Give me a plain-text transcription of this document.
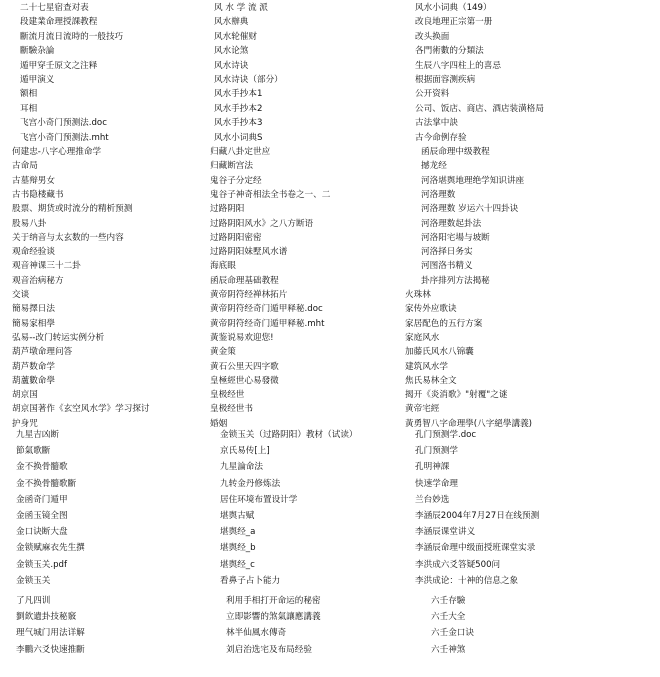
二十七星宿查对表
段建業命理授課教程
斷流月流日流時的一般技巧
斷驗杂論
遁甲穿壬原文之注释
遁甲演义
额相
耳相
飞宫小奇门预测法.doc
飞宫小奇门预测法.mht
何建忠-八字心理推命学
古命局
古墓辩男女
古书隐楼藏书
股票、期货或时流分的精析预测
股易八卦
关于纳音与太玄数的一些内容
观命经验谈
观音神课三十二卦
观音治病秘方
交谈
簡易擇日法
簡易家相學
弘易--改门转运实例分析
葫芦墩命理问答
葫芦数命学
葫蘆數命學
胡京国
胡京国著作《玄空风水学》学习探讨
护身咒
九星吉凶断
節氣歌斷
金不换骨髓歌
金不换骨髓歌斷
金函奇门遁甲
金函玉镜全图
金口诀断大盘
金锁赋麻衣先生撰
金锁玉关.pdf
金锁玉关
了凡四训
劉欽遺卦技秘竅
理气城门用法详解
李鵬六爻快速推斷
风 水 学 流 派
风水辦典
风水轮催财
风水论煞
风水诗诀
风水诗诀（部分）
风水手抄本1
风水手抄本2
风水手抄本3
风水小词典S
归藏八卦定世应
归藏断宫法
鬼谷子分定经
鬼谷子神奇相法全书卷之一、二
过路阴阳
过路阴阳风水》之八方断语
过路阴阳密密
过路阴阳妹墅风水谱
海底眼
函辰命理基础教程
黄帝阴符经禅林拓片
黄帝阴符经奇门遁甲释秘.doc
黄帝阴符经奇门遁甲释秘.mht
黃鉴说易欢迎您!
黄金策
黄石公里天四字歌
皇極經世心易發微
皇极经世
皇极经世书
婚姻
金锁玉关（过路阴阳）教材（试读）
京氏易传[上]
九星論命法
九转金丹修炼法
居住环境布置设计学
堪舆古赋
堪舆经_a
堪舆经_b
堪舆经_c
看鼻子占卜能力
利用手相打开命运的秘密
立即影響的煞氣讓應講義
林半仙風水傳奇
刘启治选宅及布局经验
风水小词典（149）
改良地理正宗第一册
改头换面
各門術數的分類法
生辰八字四柱上的喜忌
根据面容测疾病
公开资料
公司、饭店、商店、酒店装潢格局
古法掌中訣
古今命例存验
函辰命理中级教程
撼龙经
河洛堪舆地理绝学知识讲座
河洛理数
河洛理数 岁运六十四卦诀
河洛理数起卦法
河洛阳宅場与坡断
河洛择日务实
河图洛书精义
卦序排列方法揭秘
火珠林
家传外应歌诀
家居配色的五行方案
家庭风水
加藤氏风水八锦囊
建筑风水学
焦氏易林全文
揭开《炎消歌》"射覆"之谜
黄帝宅經
黃勇智八字命理學(八字絕學講義)
孔门预测学.doc
孔门预测学
孔明神課
快速学命理
兰台妙选
李涵辰2004年7月27日在线预测
李涵辰课堂讲义
李涵辰命理中级面授班课堂实录
李洪成六爻答疑500问
李洪成论：十神的信息之象
六壬存驗
六壬大全
六壬金口诀
六壬神煞
